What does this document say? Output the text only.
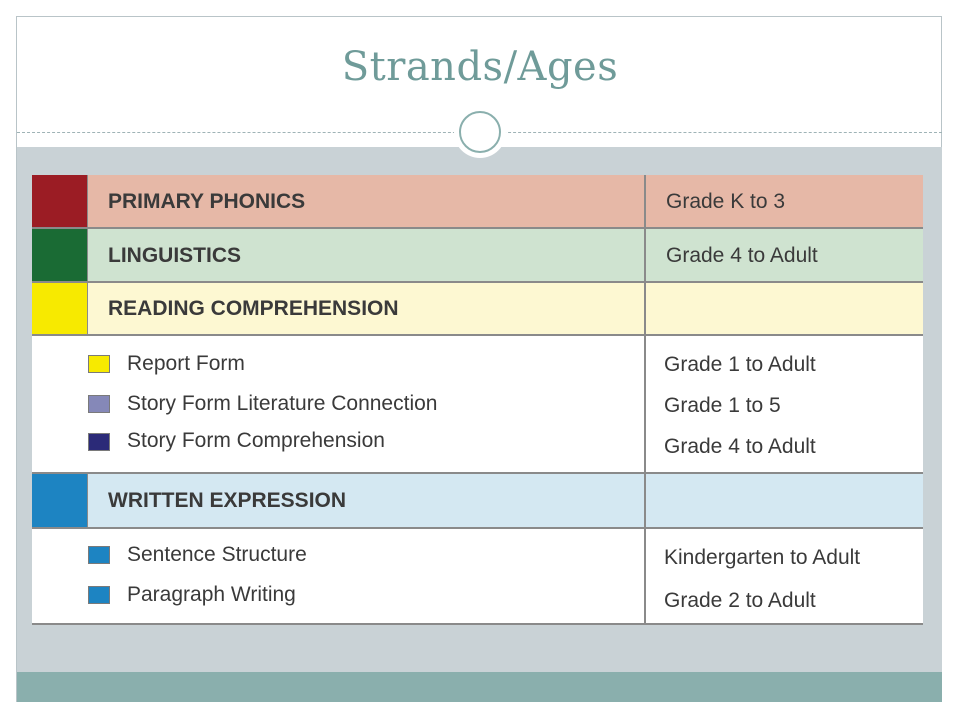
Strands/Ages
PRIMARY PHONICS	Grade K to 3
LINGUISTICS	Grade 4 to Adult
READING COMPREHENSION
Report Form	Grade 1 to Adult
Story Form Literature Connection	Grade 1 to 5
Story Form Comprehension	Grade 4 to Adult
WRITTEN EXPRESSION
Sentence Structure	Kindergarten to Adult
Paragraph Writing	Grade 2 to Adult
